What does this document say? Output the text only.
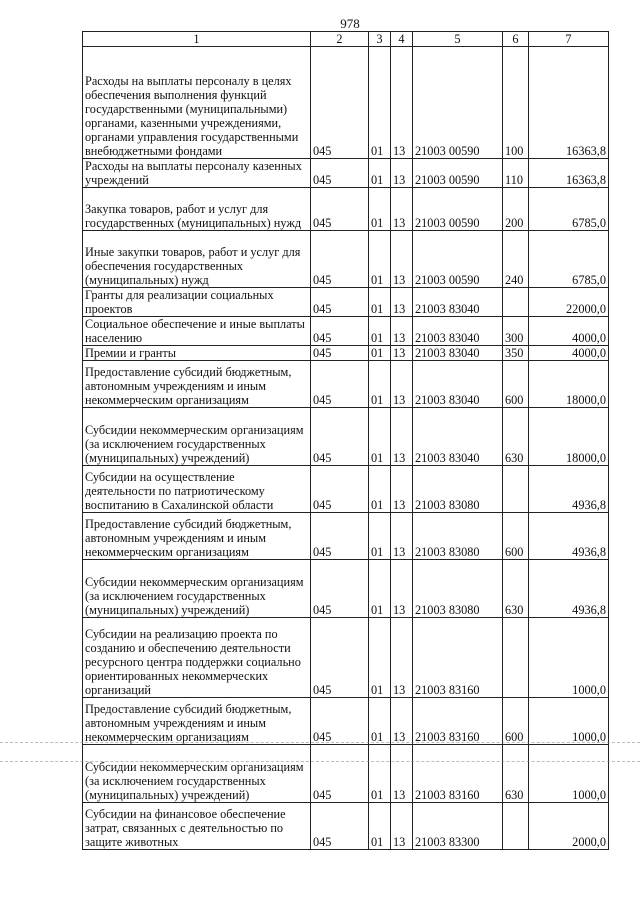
978
1	2	3	4	5	6	7
Расходы на выплаты персоналу в целях обеспечения выполнения функций государственными (муниципальными) органами, казенными учреждениями, органами управления государственными внебюджетными фондами	045	01	13	21003 00590	100	16363,8
Расходы на выплаты персоналу казенных учреждений	045	01	13	21003 00590	110	16363,8
Закупка товаров, работ и услуг для государственных (муниципальных) нужд	045	01	13	21003 00590	200	6785,0
Иные закупки товаров, работ и услуг для обеспечения государственных (муниципальных) нужд	045	01	13	21003 00590	240	6785,0
Гранты для реализации социальных проектов	045	01	13	21003 83040		22000,0
Социальное обеспечение и иные выплаты населению	045	01	13	21003 83040	300	4000,0
Премии и гранты	045	01	13	21003 83040	350	4000,0
Предоставление субсидий бюджетным, автономным учреждениям и иным некоммерческим организациям	045	01	13	21003 83040	600	18000,0
Субсидии некоммерческим организациям (за исключением государственных (муниципальных) учреждений)	045	01	13	21003 83040	630	18000,0
Субсидии на осуществление деятельности по патриотическому воспитанию в Сахалинской области	045	01	13	21003 83080		4936,8
Предоставление субсидий бюджетным, автономным учреждениям и иным некоммерческим организациям	045	01	13	21003 83080	600	4936,8
Субсидии некоммерческим организациям (за исключением государственных (муниципальных) учреждений)	045	01	13	21003 83080	630	4936,8
Субсидии на реализацию проекта по созданию и обеспечению деятельности ресурсного центра поддержки социально ориентированных некоммерческих организаций	045	01	13	21003 83160		1000,0
Предоставление субсидий бюджетным, автономным учреждениям и иным некоммерческим организациям	045	01	13	21003 83160	600	1000,0
Субсидии некоммерческим организациям (за исключением государственных (муниципальных) учреждений)	045	01	13	21003 83160	630	1000,0
Субсидии на финансовое обеспечение затрат, связанных с деятельностью по защите животных	045	01	13	21003 83300		2000,0
